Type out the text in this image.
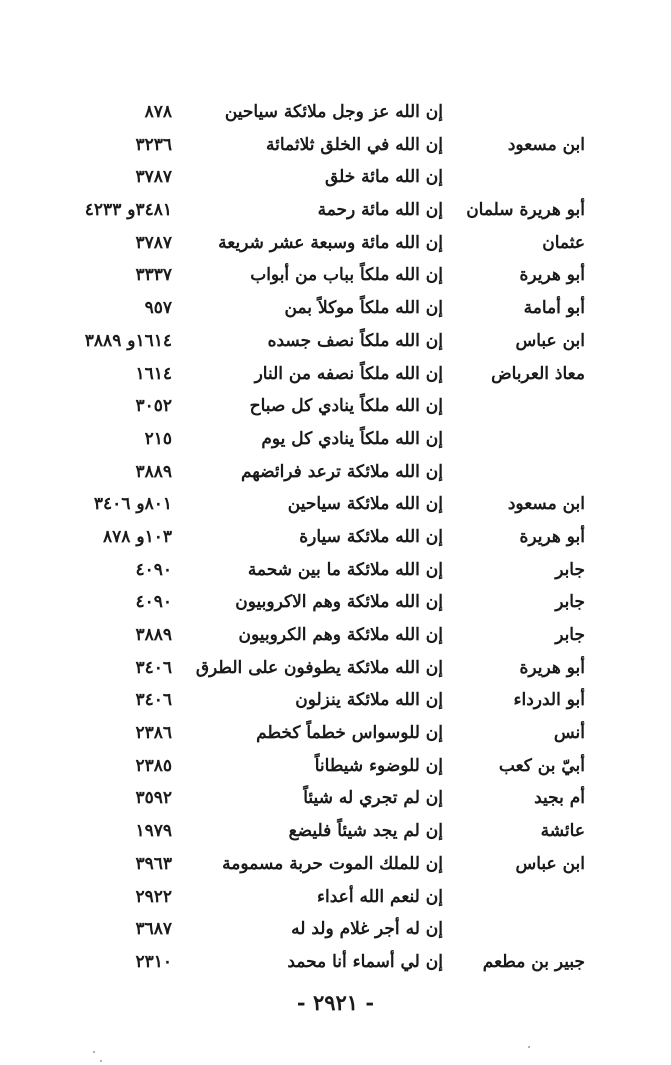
إن الله عز وجل ملائكة سياحين
٨٧٨
ابن مسعود
إن الله في الخلق ثلاثمائة
٣٢٣٦
إن الله مائة خلق
٣٧٨٧
أبو هريرة سلمان
إن الله مائة رحمة
٣٤٨١و ٤٢٣٣
عثمان
إن الله مائة وسبعة عشر شريعة
٣٧٨٧
أبو هريرة
إن الله ملكاً بباب من أبواب
٣٣٣٧
أبو أمامة
إن الله ملكاً موكلاً بمن
٩٥٧
ابن عباس
إن الله ملكاً نصف جسده
١٦١٤و ٣٨٨٩
معاذ العرباض
إن الله ملكاً نصفه من النار
١٦١٤
إن الله ملكاً ينادي كل صباح
٣٠٥٢
إن الله ملكاً ينادي كل يوم
٢١٥
إن الله ملائكة ترعد فرائضهم
٣٨٨٩
ابن مسعود
إن الله ملائكة سياحين
٨٠١و ٣٤٠٦
أبو هريرة
إن الله ملائكة سيارة
١٠٣و ٨٧٨
جابر
إن الله ملائكة ما بين شحمة
٤٠٩٠
جابر
إن الله ملائكة وهم الاكروبيون
٤٠٩٠
جابر
إن الله ملائكة وهم الكروبيون
٣٨٨٩
أبو هريرة
إن الله ملائكة يطوفون على الطرق
٣٤٠٦
أبو الدرداء
إن الله ملائكة ينزلون
٣٤٠٦
أنس
إن للوسواس خطماً كخطم
٢٣٨٦
أبيّ بن كعب
إن للوضوء شيطاناً
٢٣٨٥
أم بجيد
إن لم تجري له شيئاً
٣٥٩٢
عائشة
إن لم يجد شيئاً فليضع
١٩٧٩
ابن عباس
إن للملك الموت حربة مسمومة
٣٩٦٣
إن لنعم الله أعداء
٢٩٢٢
إن له أجر غلام ولد له
٣٦٨٧
جبير بن مطعم
إن لي أسماء أنا محمد
٢٣١٠
- ٢٩٢١ -
